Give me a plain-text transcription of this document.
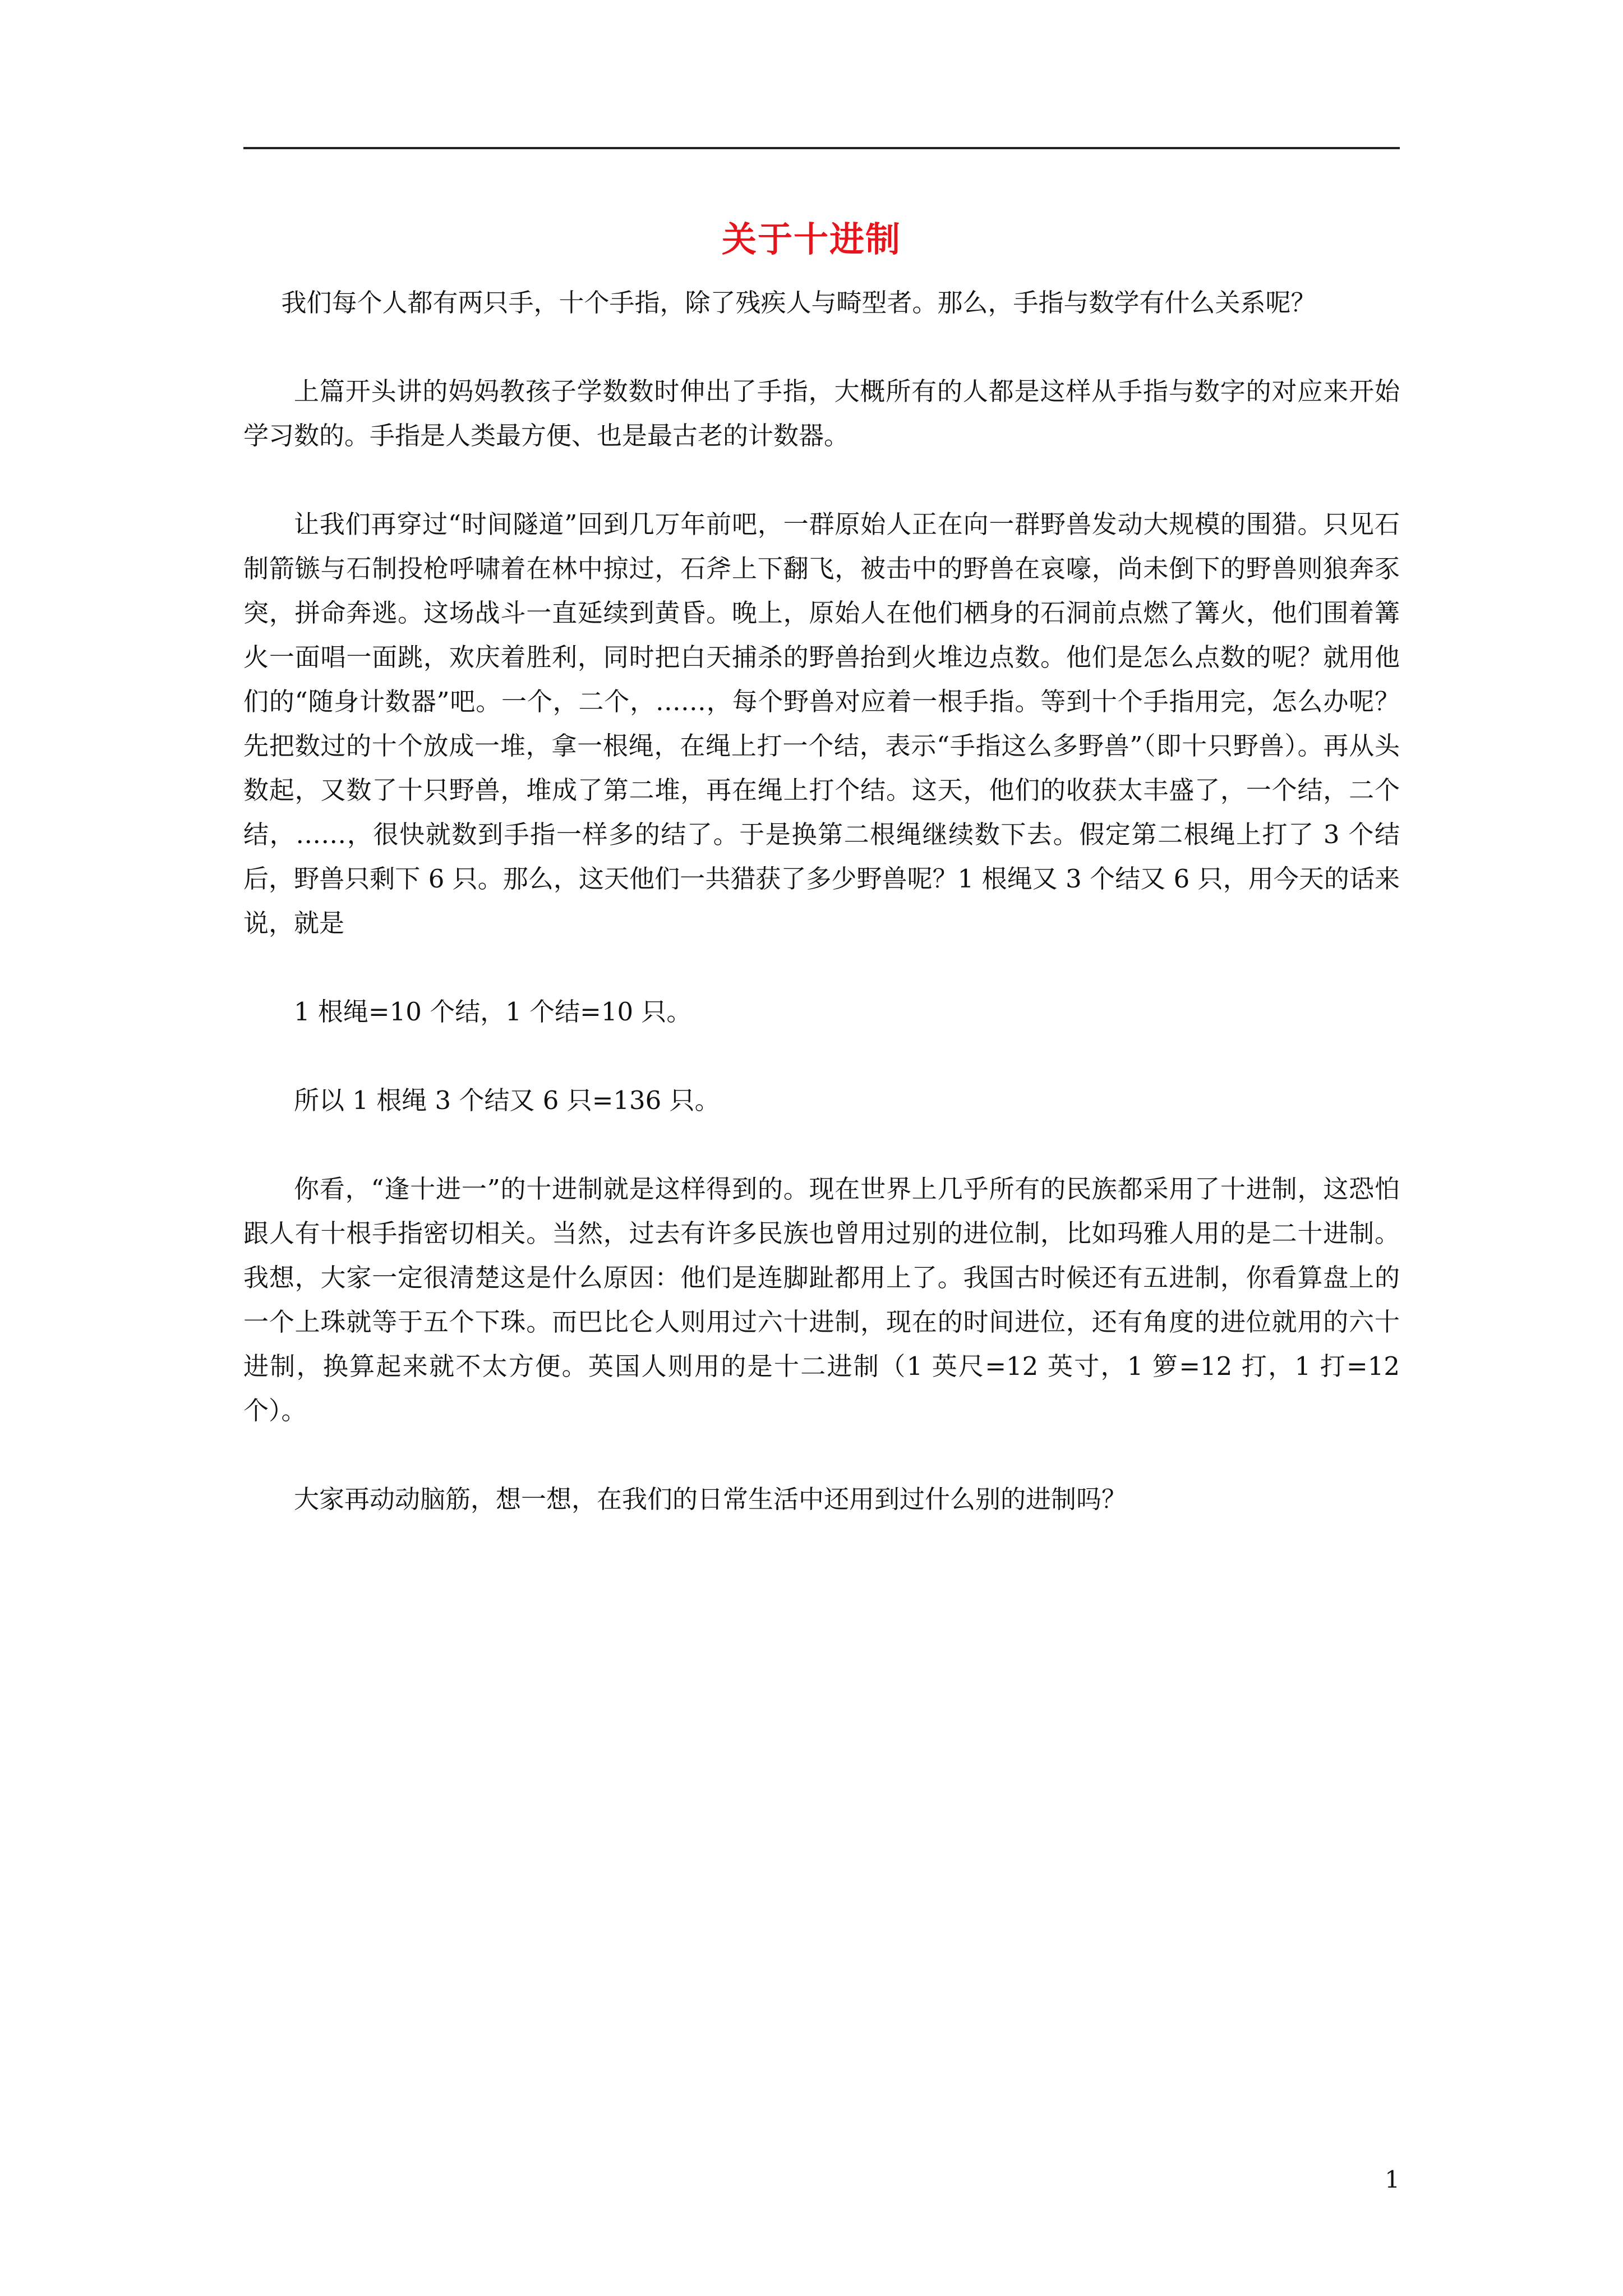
关于十进制

我们每个人都有两只手，十个手指，除了残疾人与畸型者。那么，手指与数学有什么关系呢？

上篇开头讲的妈妈教孩子学数数时伸出了手指，大概所有的人都是这样从手指与数字的对应来开始学习数的。手指是人类最方便、也是最古老的计数器。

让我们再穿过“时间隧道”回到几万年前吧，一群原始人正在向一群野兽发动大规模的围猎。只见石制箭镞与石制投枪呼啸着在林中掠过，石斧上下翻飞，被击中的野兽在哀嚎，尚未倒下的野兽则狼奔豕突，拼命奔逃。这场战斗一直延续到黄昏。晚上，原始人在他们栖身的石洞前点燃了篝火，他们围着篝火一面唱一面跳，欢庆着胜利，同时把白天捕杀的野兽抬到火堆边点数。他们是怎么点数的呢？就用他们的“随身计数器”吧。一个，二个，……，每个野兽对应着一根手指。等到十个手指用完，怎么办呢？先把数过的十个放成一堆，拿一根绳，在绳上打一个结，表示“手指这么多野兽”（即十只野兽）。再从头数起，又数了十只野兽，堆成了第二堆，再在绳上打个结。这天，他们的收获太丰盛了，一个结，二个结，……，很快就数到手指一样多的结了。于是换第二根绳继续数下去。假定第二根绳上打了 3 个结后，野兽只剩下 6 只。那么，这天他们一共猎获了多少野兽呢？1 根绳又 3 个结又 6 只，用今天的话来说，就是

1 根绳=10 个结，1 个结=10 只。

所以 1 根绳 3 个结又 6 只=136 只。

你看，“逢十进一”的十进制就是这样得到的。现在世界上几乎所有的民族都采用了十进制，这恐怕跟人有十根手指密切相关。当然，过去有许多民族也曾用过别的进位制，比如玛雅人用的是二十进制。我想，大家一定很清楚这是什么原因：他们是连脚趾都用上了。我国古时候还有五进制，你看算盘上的一个上珠就等于五个下珠。而巴比仑人则用过六十进制，现在的时间进位，还有角度的进位就用的六十进制，换算起来就不太方便。英国人则用的是十二进制（1 英尺=12 英寸，1 箩=12 打，1 打=12 个）。

大家再动动脑筋，想一想，在我们的日常生活中还用到过什么别的进制吗？

1
